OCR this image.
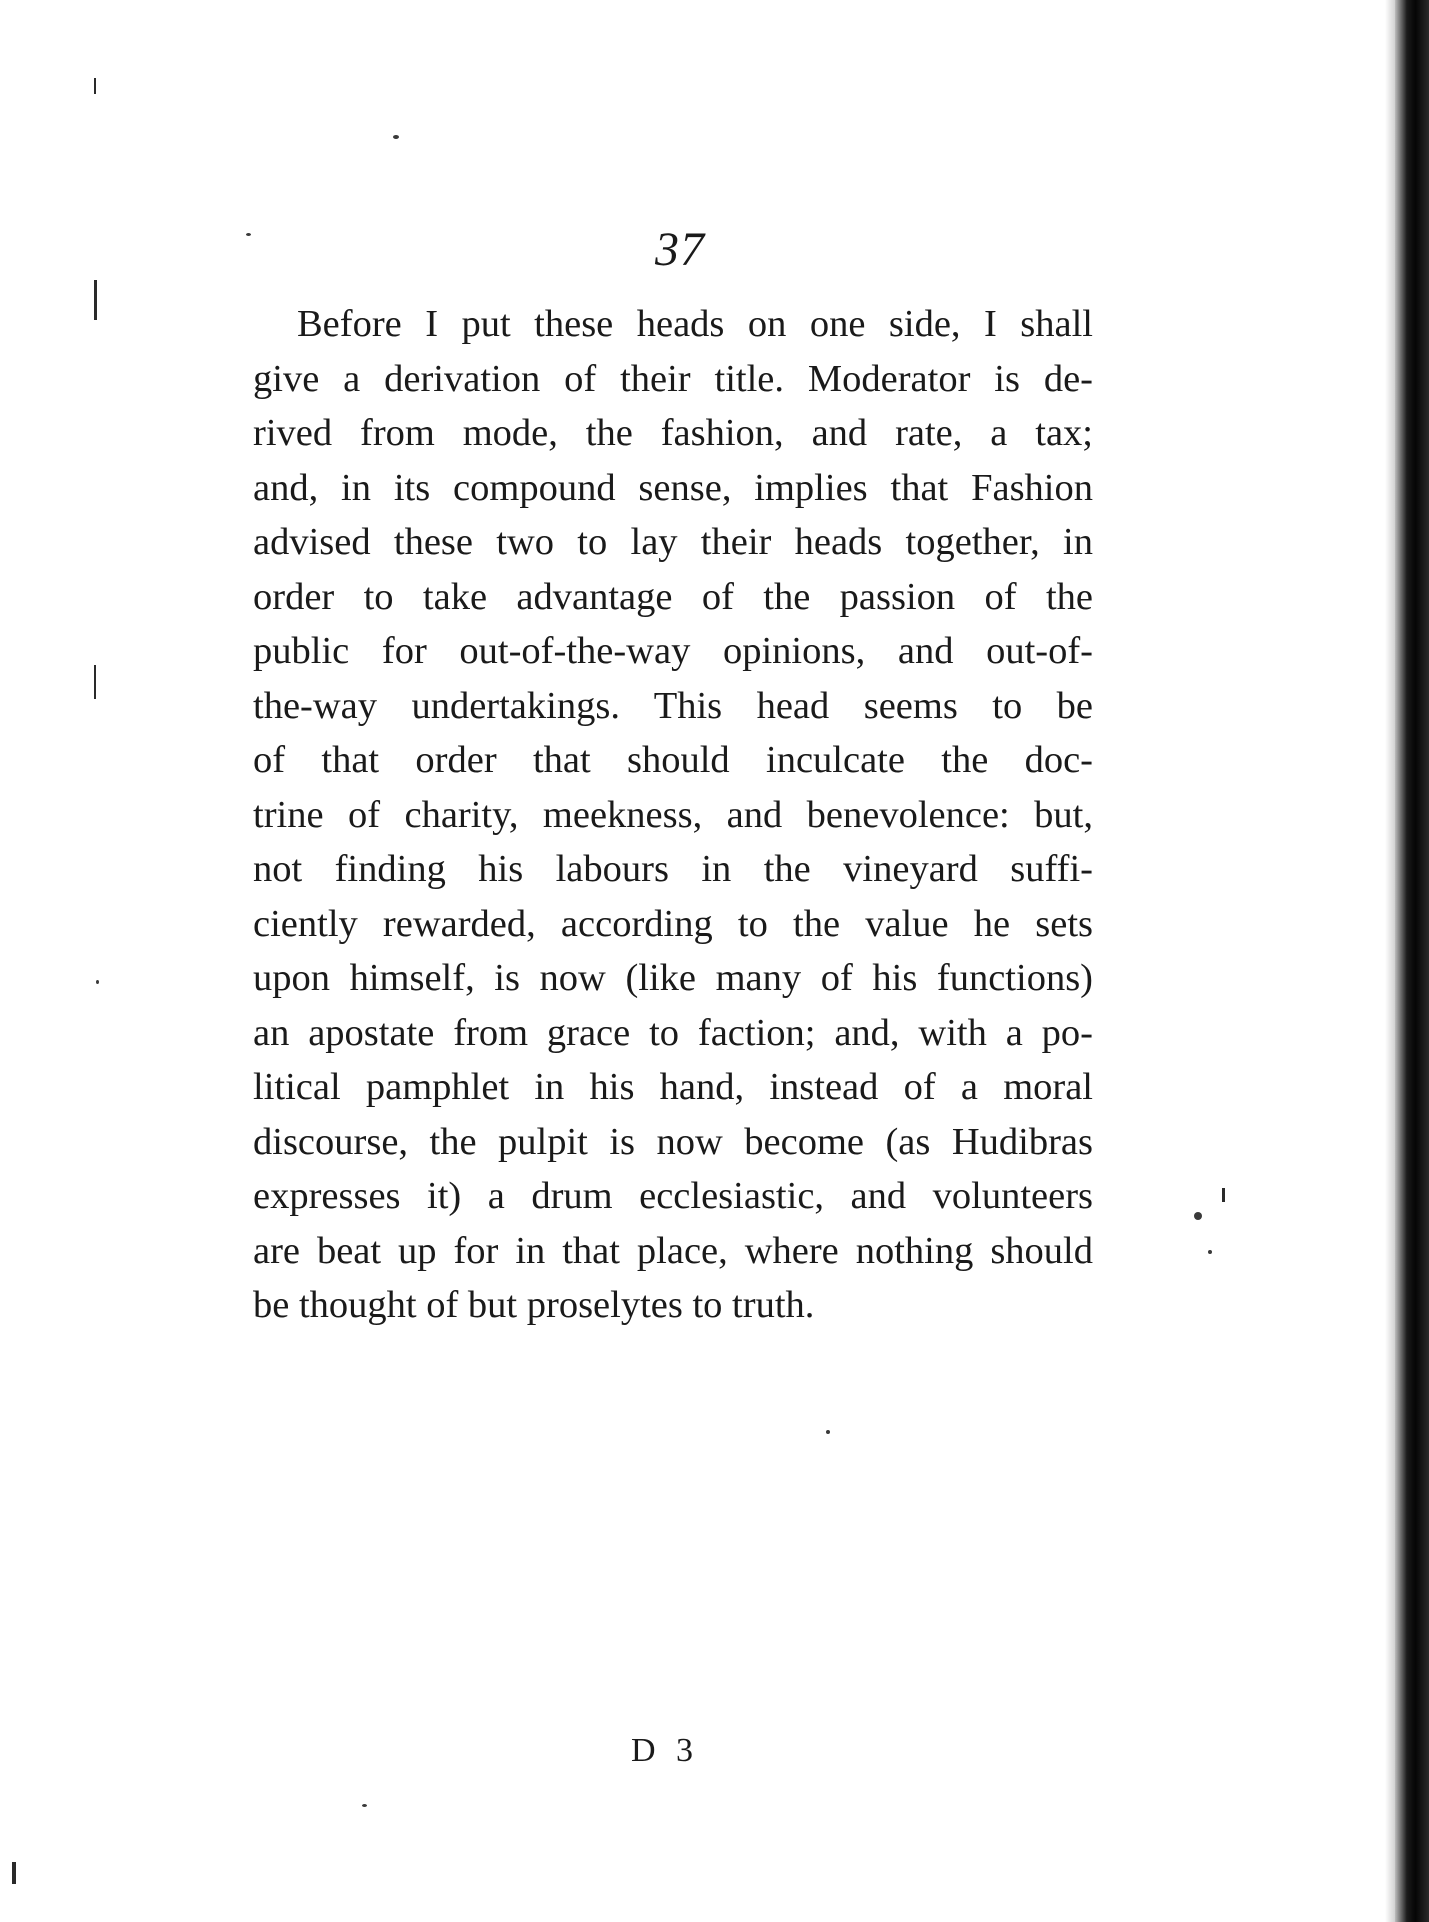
37
Before I put these heads on one side, I shall
give a derivation of their title. Moderator is de-
rived from mode, the fashion, and rate, a tax;
and, in its compound sense, implies that Fashion
advised these two to lay their heads together, in
order to take advantage of the passion of the
public for out-of-the-way opinions, and out-of-
the-way undertakings. This head seems to be
of that order that should inculcate the doc-
trine of charity, meekness, and benevolence: but,
not finding his labours in the vineyard suffi-
ciently rewarded, according to the value he sets
upon himself, is now (like many of his functions)
an apostate from grace to faction; and, with a po-
litical pamphlet in his hand, instead of a moral
discourse, the pulpit is now become (as Hudibras
expresses it) a drum ecclesiastic, and volunteers
are beat up for in that place, where nothing should
be thought of but proselytes to truth.
D 3
